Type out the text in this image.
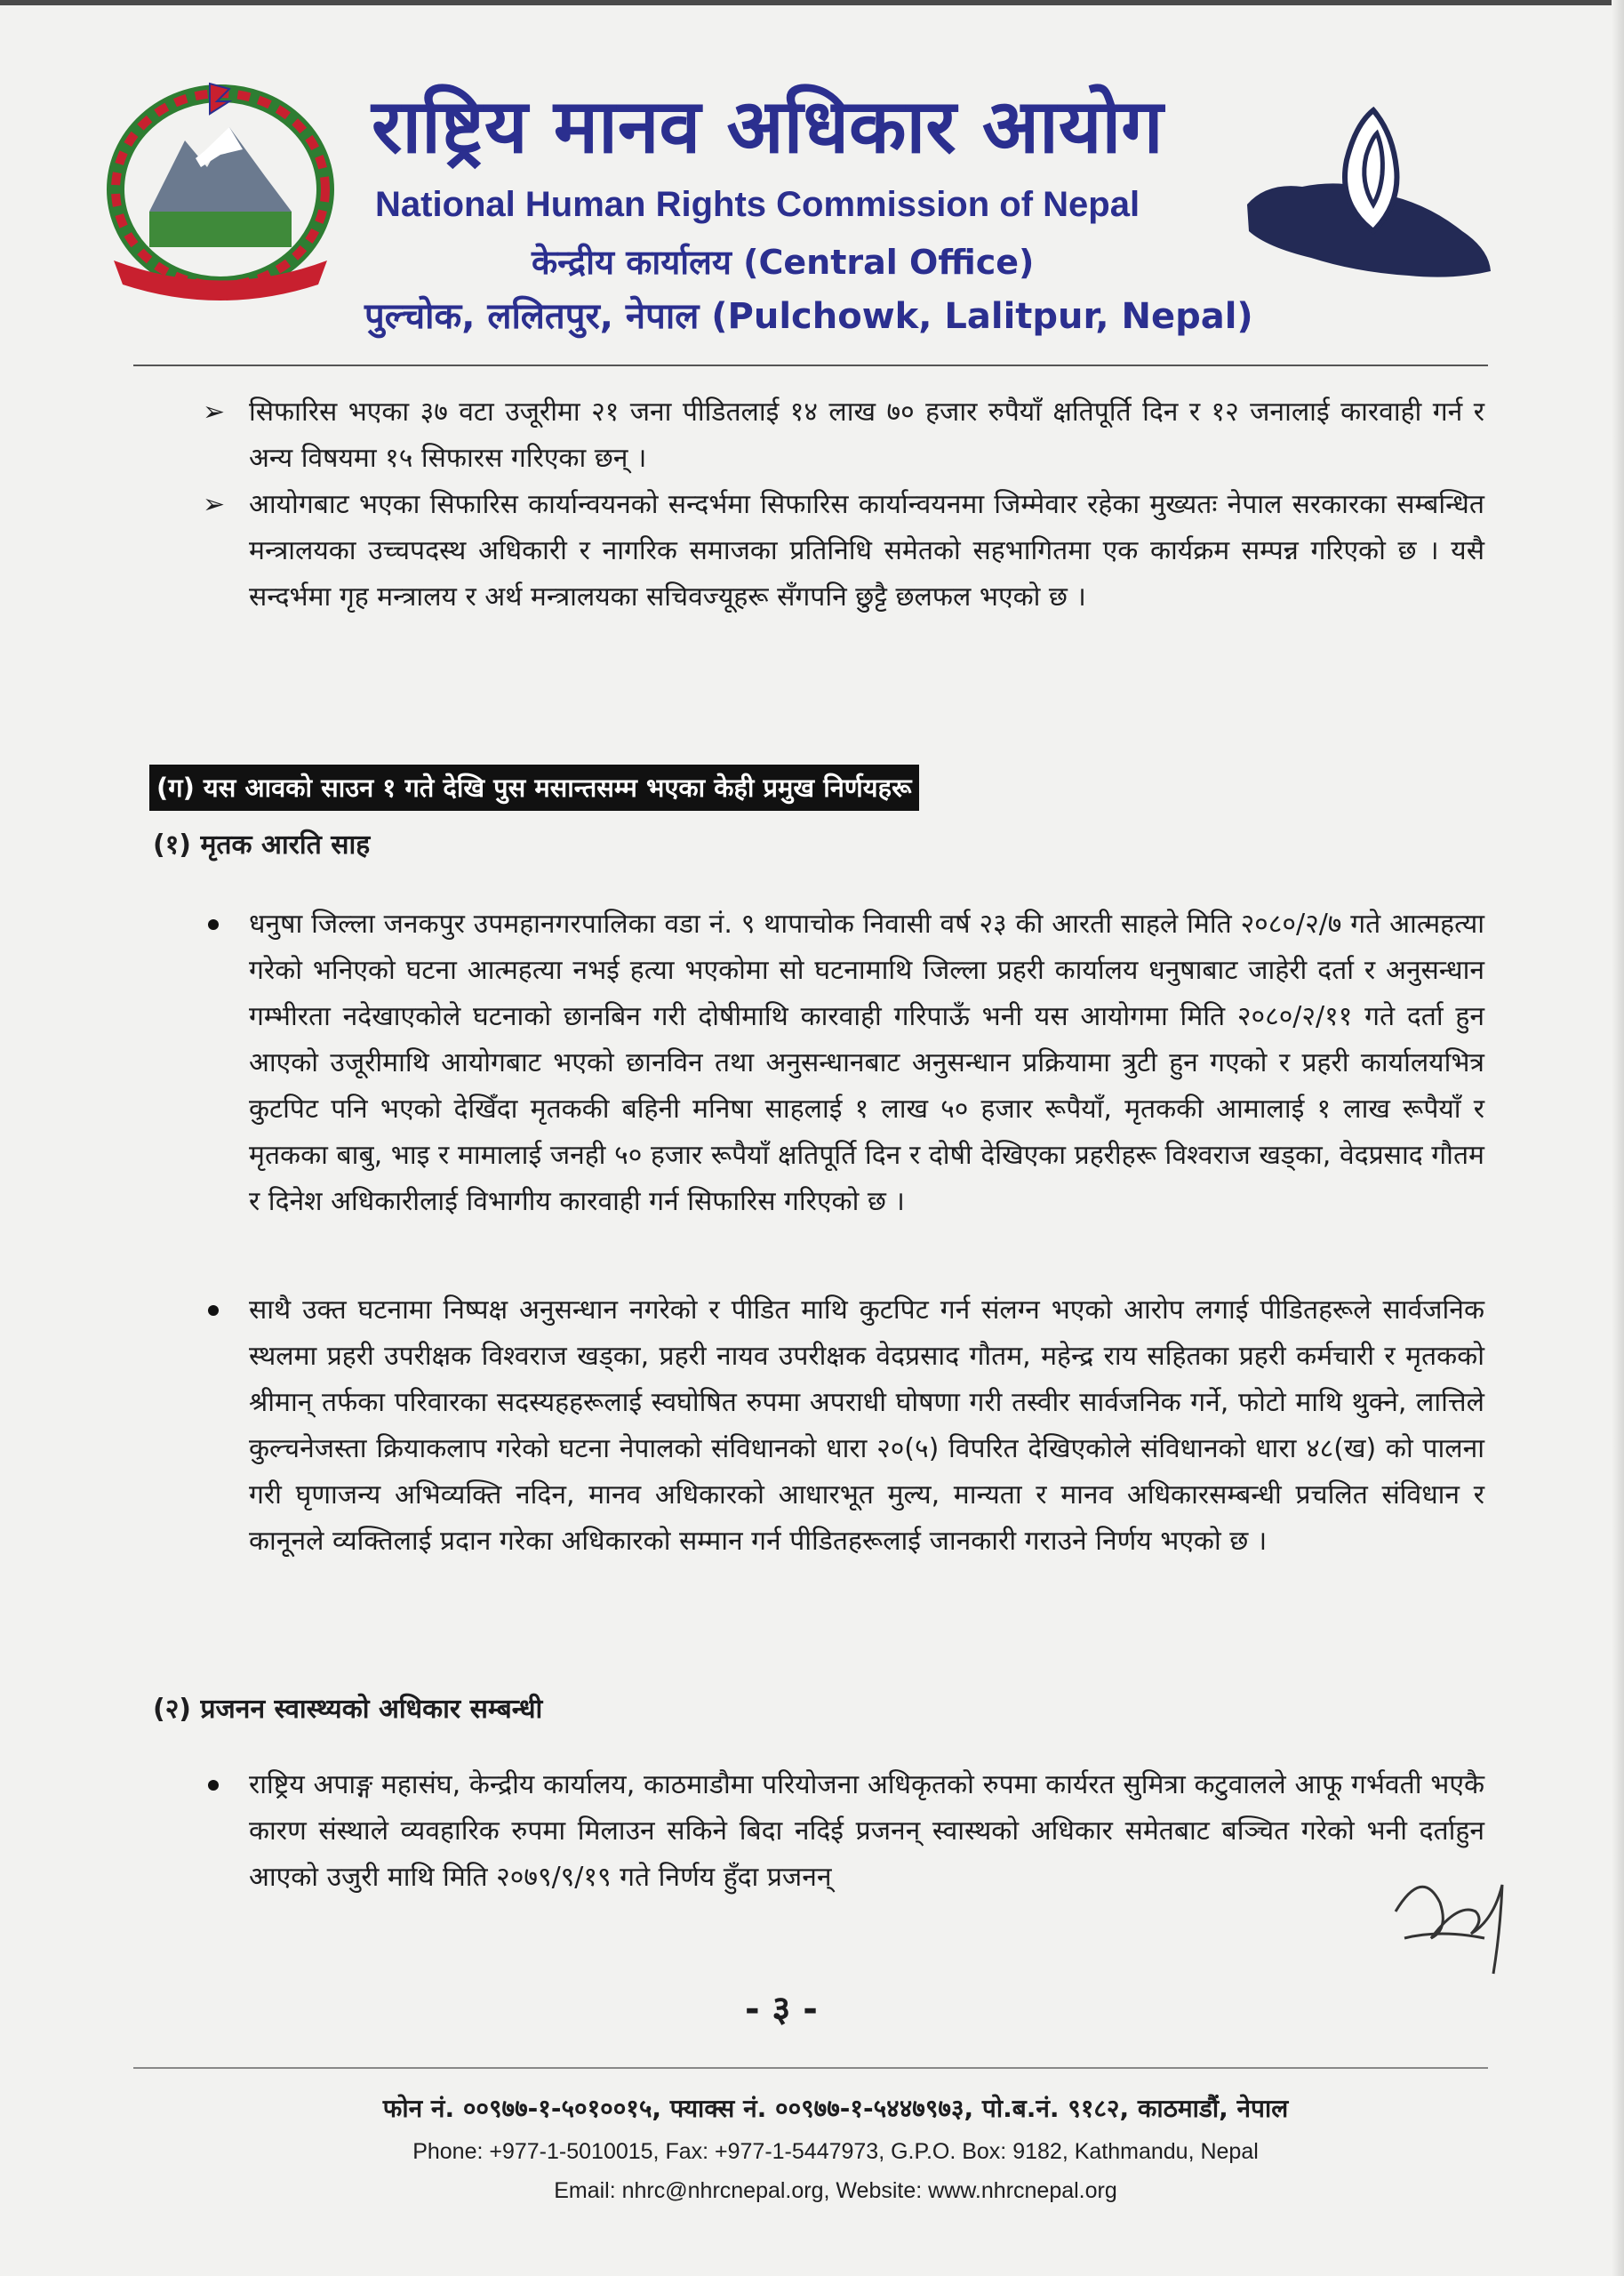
राष्ट्रिय मानव अधिकार आयोग
National Human Rights Commission of Nepal
केन्द्रीय कार्यालय (Central Office)
पुल्चोक, ललितपुर, नेपाल (Pulchowk, Lalitpur, Nepal)
➢ सिफारिस भएका ३७ वटा उजूरीमा २१ जना पीडितलाई १४ लाख ७० हजार रुपैयाँ क्षतिपूर्ति दिन र १२ जनालाई कारवाही गर्न र अन्य विषयमा १५ सिफारस गरिएका छन् ।
➢ आयोगबाट भएका सिफारिस कार्यान्वयनको सन्दर्भमा सिफारिस कार्यान्वयनमा जिम्मेवार रहेका मुख्यतः नेपाल सरकारका सम्बन्धित मन्त्रालयका उच्चपदस्थ अधिकारी र नागरिक समाजका प्रतिनिधि समेतको सहभागितमा एक कार्यक्रम सम्पन्न गरिएको छ । यसै सन्दर्भमा गृह मन्त्रालय र अर्थ मन्त्रालयका सचिवज्यूहरू सँगपनि छुट्टै छलफल भएको छ ।
(ग) यस आवको साउन १ गते देखि पुस मसान्तसम्म भएका केही प्रमुख निर्णयहरू
(१) मृतक आरति साह
धनुषा जिल्ला जनकपुर उपमहानगरपालिका वडा नं. ९ थापाचोक निवासी वर्ष २३ की आरती साहले मिति २०८०/२/७ गते आत्महत्या गरेको भनिएको घटना आत्महत्या नभई हत्या भएकोमा सो घटनामाथि जिल्ला प्रहरी कार्यालय धनुषाबाट जाहेरी दर्ता र अनुसन्धान गम्भीरता नदेखाएकोले घटनाको छानबिन गरी दोषीमाथि कारवाही गरिपाऊँ भनी यस आयोगमा मिति २०८०/२/११ गते दर्ता हुन आएको उजूरीमाथि आयोगबाट भएको छानविन तथा अनुसन्धानबाट अनुसन्धान प्रक्रियामा त्रुटी हुन गएको र प्रहरी कार्यालयभित्र कुटपिट पनि भएको देखिँदा मृतककी बहिनी मनिषा साहलाई १ लाख ५० हजार रूपैयाँ, मृतककी आमालाई १ लाख रूपैयाँ र मृतकका बाबु, भाइ र मामालाई जनही ५० हजार रूपैयाँ क्षतिपूर्ति दिन र दोषी देखिएका प्रहरीहरू विश्वराज खड्का, वेदप्रसाद गौतम र दिनेश अधिकारीलाई विभागीय कारवाही गर्न सिफारिस गरिएको छ ।
साथै उक्त घटनामा निष्पक्ष अनुसन्धान नगरेको र पीडित माथि कुटपिट गर्न संलग्न भएको आरोप लगाई पीडितहरूले सार्वजनिक स्थलमा प्रहरी उपरीक्षक विश्वराज खड्का, प्रहरी नायव उपरीक्षक वेदप्रसाद गौतम, महेन्द्र राय सहितका प्रहरी कर्मचारी र मृतकको श्रीमान् तर्फका परिवारका सदस्यहहरूलाई स्वघोषित रुपमा अपराधी घोषणा गरी तस्वीर सार्वजनिक गर्ने, फोटो माथि थुक्ने, लात्तिले कुल्चनेजस्ता क्रियाकलाप गरेको घटना नेपालको संविधानको धारा २०(५) विपरित देखिएकोले संविधानको धारा ४८(ख) को पालना गरी घृणाजन्य अभिव्यक्ति नदिन, मानव अधिकारको आधारभूत मुल्य, मान्यता र मानव अधिकारसम्बन्धी प्रचलित संविधान र कानूनले व्यक्तिलाई प्रदान गरेका अधिकारको सम्मान गर्न पीडितहरूलाई जानकारी गराउने निर्णय भएको छ ।
(२) प्रजनन स्वास्थ्यको अधिकार सम्बन्धी
राष्ट्रिय अपाङ्ग महासंघ, केन्द्रीय कार्यालय, काठमाडौमा परियोजना अधिकृतको रुपमा कार्यरत सुमित्रा कटुवालले आफू गर्भवती भएकै कारण संस्थाले व्यवहारिक रुपमा मिलाउन सकिने बिदा नदिई प्रजनन् स्वास्थको अधिकार समेतबाट बञ्चित गरेको भनी दर्ताहुन आएको उजुरी माथि मिति २०७९/९/१९ गते निर्णय हुँदा प्रजनन्
- ३ -
फोन नं. ००९७७-१-५०१००१५, फ्याक्स नं. ००९७७-१-५४४७९७३, पो.ब.नं. ९१८२, काठमाडौं, नेपाल
Phone: +977-1-5010015, Fax: +977-1-5447973, G.P.O. Box: 9182, Kathmandu, Nepal
Email: nhrc@nhrcnepal.org, Website: www.nhrcnepal.org
